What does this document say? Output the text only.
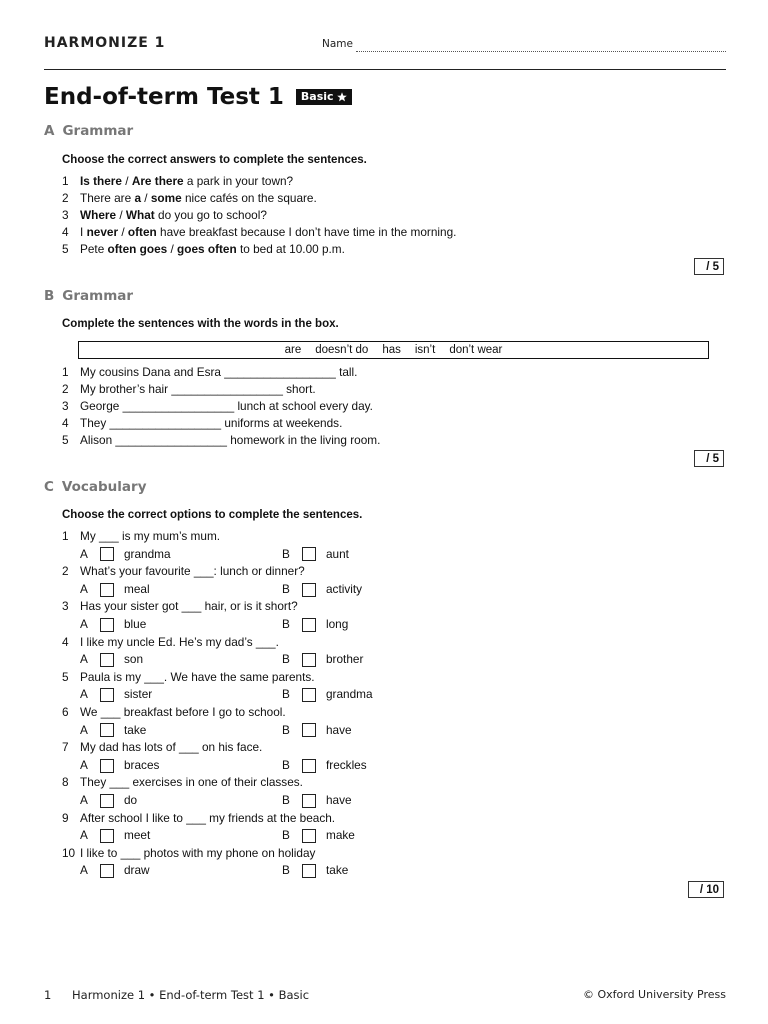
HARMONIZE 1	Name
End-of-term Test 1 Basic
A Grammar
Choose the correct answers to complete the sentences.
1 Is there / Are there a park in your town?
2 There are a / some nice cafés on the square.
3 Where / What do you go to school?
4 I never / often have breakfast because I don’t have time in the morning.
5 Pete often goes / goes often to bed at 10.00 p.m.
/ 5
B Grammar
Complete the sentences with the words in the box.
are doesn’t do has isn’t don’t wear
1 My cousins Dana and Esra _________________ tall.
2 My brother’s hair _________________ short.
3 George _________________ lunch at school every day.
4 They _________________ uniforms at weekends.
5 Alison _________________ homework in the living room.
/ 5
C Vocabulary
Choose the correct options to complete the sentences.
1 My ___ is my mum’s mum.
A	grandma	B	aunt
2 What’s your favourite ___: lunch or dinner?
A	meal	B	activity
3 Has your sister got ___ hair, or is it short?
A	blue	B	long
4 I like my uncle Ed. He’s my dad’s ___.
A	son	B	brother
5 Paula is my ___. We have the same parents.
A	sister	B	grandma
6 We ___ breakfast before I go to school.
A	take	B	have
7 My dad has lots of ___ on his face.
A	braces	B	freckles
8 They ___ exercises in one of their classes.
A	do	B	have
9 After school I like to ___ my friends at the beach.
A	meet	B	make
10 I like to ___ photos with my phone on holiday
A	draw	B	take
/ 10
1 Harmonize 1 • End-of-term Test 1 • Basic	© Oxford University Press
